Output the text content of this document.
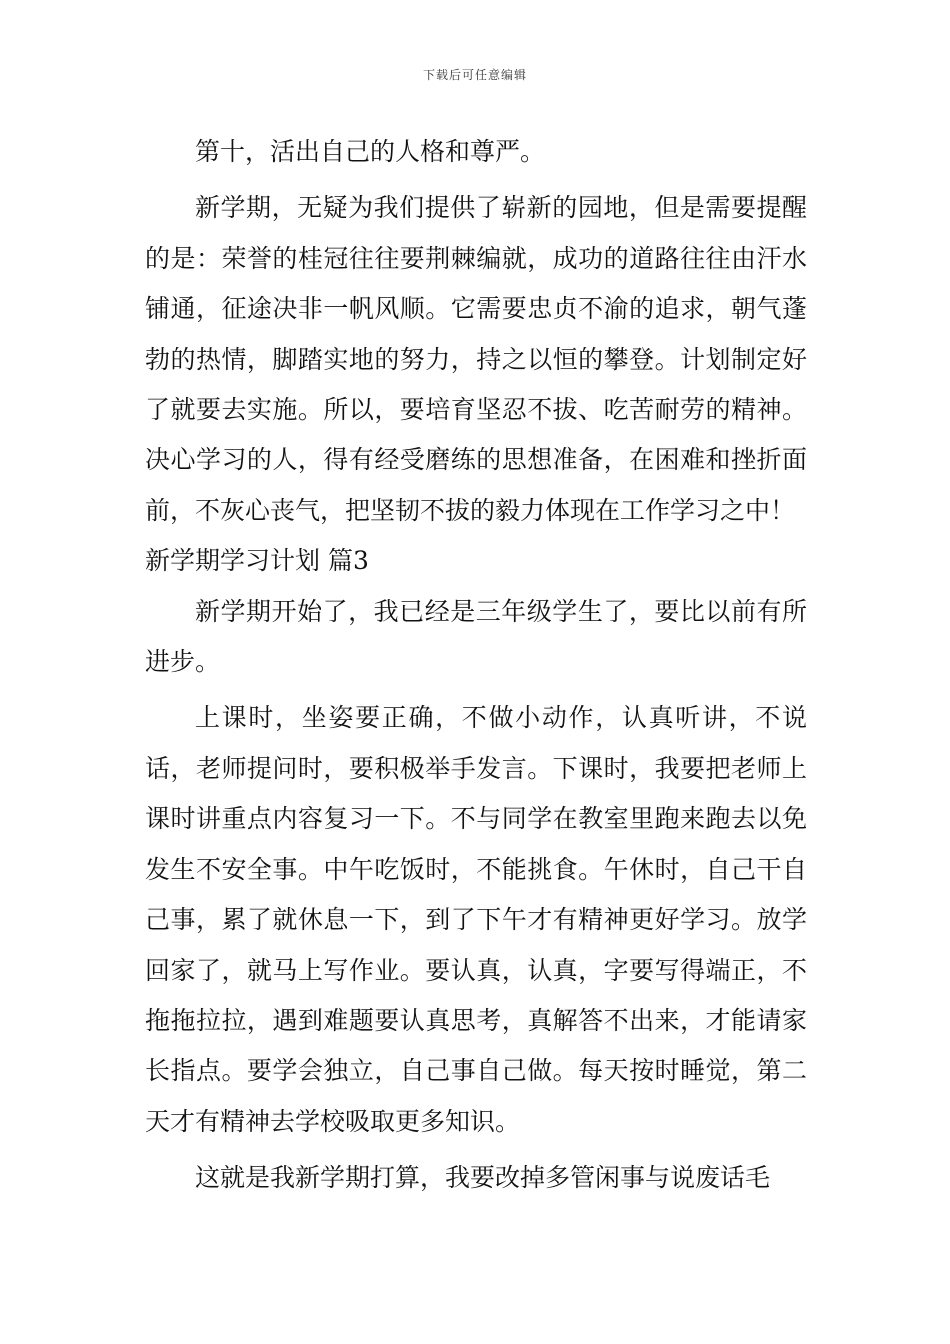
下载后可任意编辑

第十，活出自己的人格和尊严。

新学期，无疑为我们提供了崭新的园地，但是需要提醒的是：荣誉的桂冠往往要荆棘编就，成功的道路往往由汗水铺通，征途决非一帆风顺。它需要忠贞不渝的追求，朝气蓬勃的热情，脚踏实地的努力，持之以恒的攀登。计划制定好了就要去实施。所以，要培育坚忍不拔、吃苦耐劳的精神。决心学习的人，得有经受磨练的思想准备，在困难和挫折面前，不灰心丧气，把坚韧不拔的毅力体现在工作学习之中！

新学期学习计划 篇3

新学期开始了，我已经是三年级学生了，要比以前有所进步。

上课时，坐姿要正确，不做小动作，认真听讲，不说话，老师提问时，要积极举手发言。下课时，我要把老师上课时讲重点内容复习一下。不与同学在教室里跑来跑去以免发生不安全事。中午吃饭时，不能挑食。午休时，自己干自己事，累了就休息一下，到了下午才有精神更好学习。放学回家了，就马上写作业。要认真，认真，字要写得端正，不拖拖拉拉，遇到难题要认真思考，真解答不出来，才能请家长指点。要学会独立，自己事自己做。每天按时睡觉，第二天才有精神去学校吸取更多知识。

这就是我新学期打算，我要改掉多管闲事与说废话毛
